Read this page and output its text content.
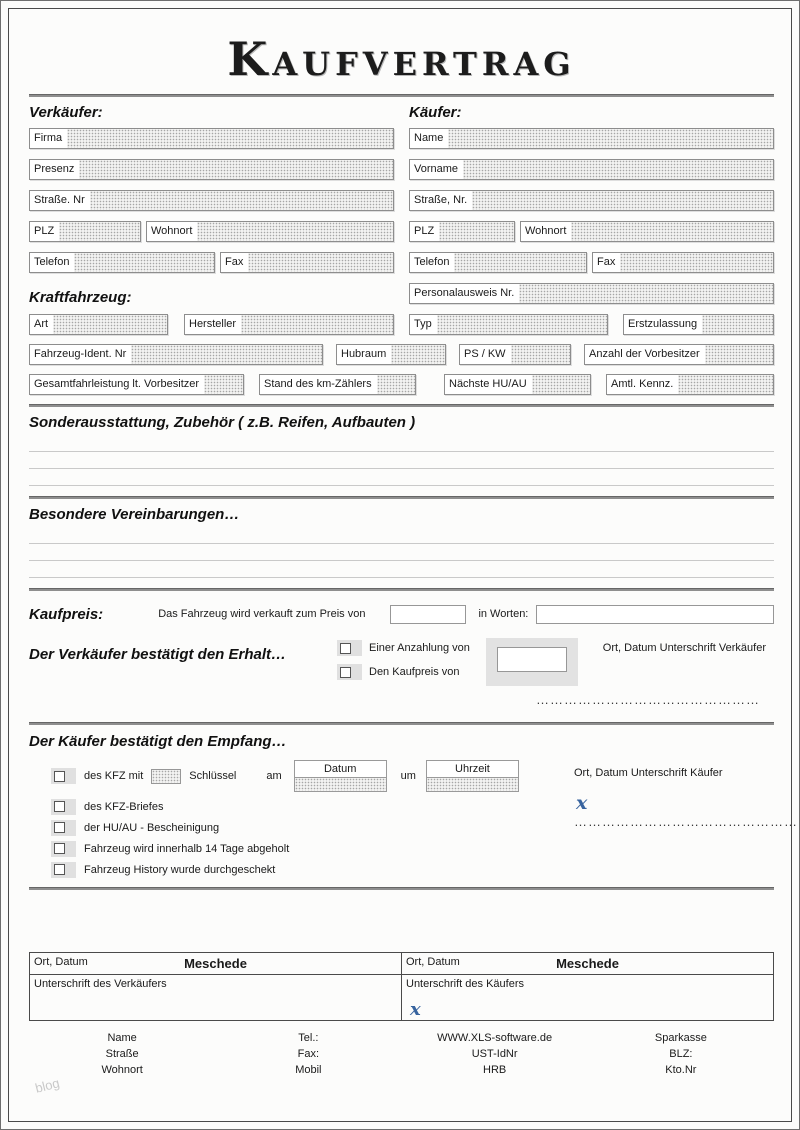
Kaufvertrag
Verkäufer:
Firma
Presenz
Straße. Nr
PLZ	Wohnort
Telefon	Fax
Kraftfahrzeug:
Käufer:
Name
Vorname
Straße, Nr.
PLZ	Wohnort
Telefon	Fax
Personalausweis Nr.
Art	Hersteller	Typ	Erstzulassung
Fahrzeug-Ident. Nr	Hubraum	PS / KW	Anzahl der Vorbesitzer
Gesamtfahrleistung lt. Vorbesitzer	Stand des km-Zählers	Nächste HU/AU	Amtl. Kennz.
Sonderausstattung, Zubehör ( z.B. Reifen, Aufbauten )
Besondere Vereinbarungen…
Kaufpreis:	Das Fahrzeug wird verkauft zum Preis von	in Worten:
Der Verkäufer bestätigt den Erhalt…	Einer Anzahlung von
Den Kaufpreis von
Ort, Datum Unterschrift Verkäufer
…………………………………………
Der Käufer bestätigt den Empfang…
Ort, Datum Unterschrift Käufer
x
…………………………………………
des KFZ mit	Schlüssel	am
Datum
um
Uhrzeit
des KFZ-Briefes
der HU/AU - Bescheinigung
Fahrzeug wird innerhalb 14 Tage abgeholt
Fahrzeug History wurde durchgeschekt
Ort, Datum Meschede	Ort, Datum Meschede

Unterschrift des Verkäufers	Unterschrift des Käufers
x
Name
Straße
Wohnort
Tel.:
Fax:
Mobil
WWW.XLS-software.de
UST-IdNr
HRB
Sparkasse
BLZ:
Kto.Nr
blog
